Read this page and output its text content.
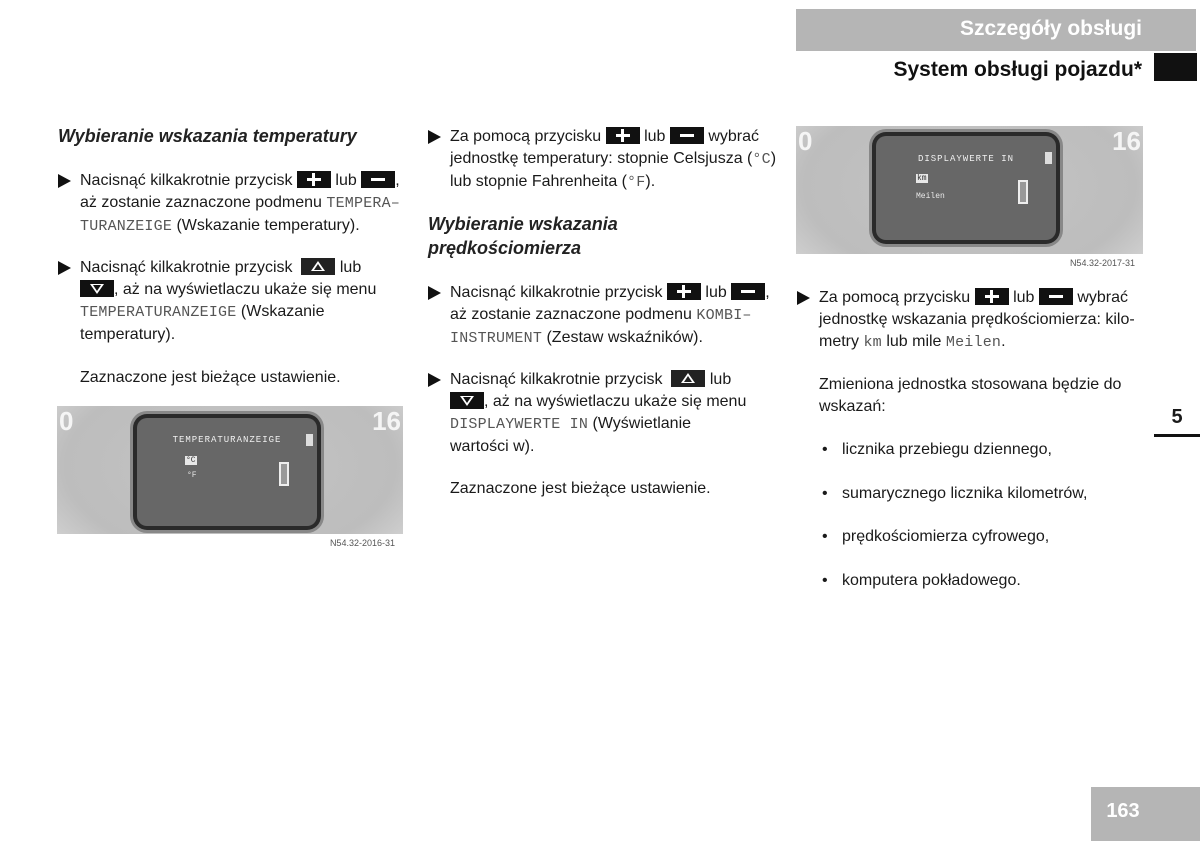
Szczegóły obsługi
System obsługi pojazdu*
Wybieranie wskazania temperatury
Nacisnąć kilkakrotnie przycisk	lub ,
aż zostanie zaznaczone podmenu TEMPERA–
TURANZEIGE (Wskazanie temperatury).
Nacisnąć kilkakrotnie przycisk	lub
, aż na wyświetlaczu ukaże się menu
TEMPERATURANZEIGE (Wskazanie
temperatury).
Zaznaczone jest bieżące ustawienie.
0	16
TEMPERATURANZEIGE
°C
°F
N54.32-2016-31
Za pomocą przycisku	lub	wybrać
jednostkę temperatury: stopnie Celsjusza (°C)
lub stopnie Fahrenheita (°F).
Wybieranie wskazania
prędkościomierza
Nacisnąć kilkakrotnie przycisk	lub ,
aż zostanie zaznaczone podmenu KOMBI–
INSTRUMENT (Zestaw wskaźników).
Nacisnąć kilkakrotnie przycisk	lub
, aż na wyświetlaczu ukaże się menu
DISPLAYWERTE IN (Wyświetlanie
wartości w).
Zaznaczone jest bieżące ustawienie.
0	16
DISPLAYWERTE IN
km
Meilen
N54.32-2017-31
Za pomocą przycisku	lub	wybrać
jednostkę wskazania prędkościomierza: kilo-
metry km lub mile Meilen.
Zmieniona jednostka stosowana będzie do
wskazań:
• licznika przebiegu dziennego,
• sumarycznego licznika kilometrów,
• prędkościomierza cyfrowego,
• komputera pokładowego.
5
163
